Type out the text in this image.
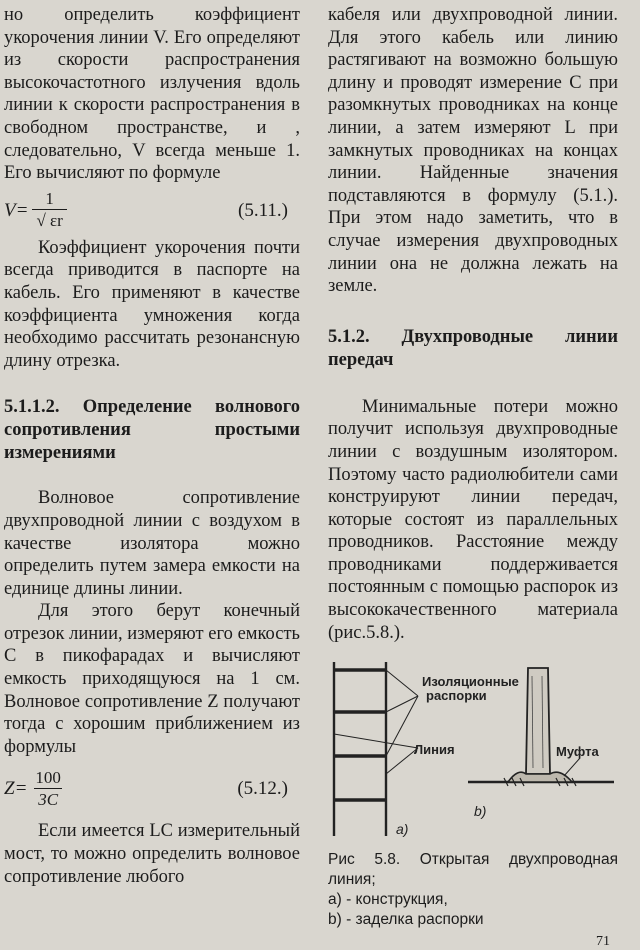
но определить коэффициент укорочения линии V. Его определяют из скорости распространения высокочастотного излучения вдоль линии к скорости распространения в свободном пространстве, и , следовательно, V всегда меньше 1. Его вычисляют по формуле

$V= \frac{1}{√ \varepsilon r}$	(5.11.)

Коэффициент укорочения почти всегда приводится в паспорте на кабель. Его применяют в качестве коэффициента умножения когда необходимо рассчитать резонансную длину отрезка.

5.1.1.2. Определение волнового сопротивления простыми измерениями

Волновое сопротивление двухпроводной линии с воздухом в качестве изолятора можно определить путем замера емкости на единице длины линии.

Для этого берут конечный отрезок линии, измеряют его емкость С в пикофарадах и вычисляют емкость приходящуюся на 1 см. Волновое сопротивление Z получают тогда с хорошим приближением из формулы

$Z= \frac{100}{3C}$	(5.12.)

Если имеется LC измерительный мост, то можно определить волновое сопротивление любого

кабеля или двухпроводной линии. Для этого кабель или линию растягивают на возможно большую длину и проводят измерение C при разомкнутых проводниках на конце линии, а затем измеряют L при замкнутых проводниках на концах линии. Найденные значения подставляются в формулу (5.1.). При этом надо заметить, что в случае измерения двухпроводных линии она не должна лежать на земле.

5.1.2. Двухпроводные линии передач

Минимальные потери можно получит используя двухпроводные линии с воздушным изолятором. Поэтому часто радиолюбители сами конструируют линии передач, которые состоят из параллельных проводников. Расстояние между проводниками поддерживается постоянным с помощью распорок из высококачественного материала (рис.5.8.).

Изоляционные
распорки
Линия
a)
Муфта
b)

Рис 5.8. Открытая двухпроводная линия;

a) - конструкция,

b) - заделка распорки

71
